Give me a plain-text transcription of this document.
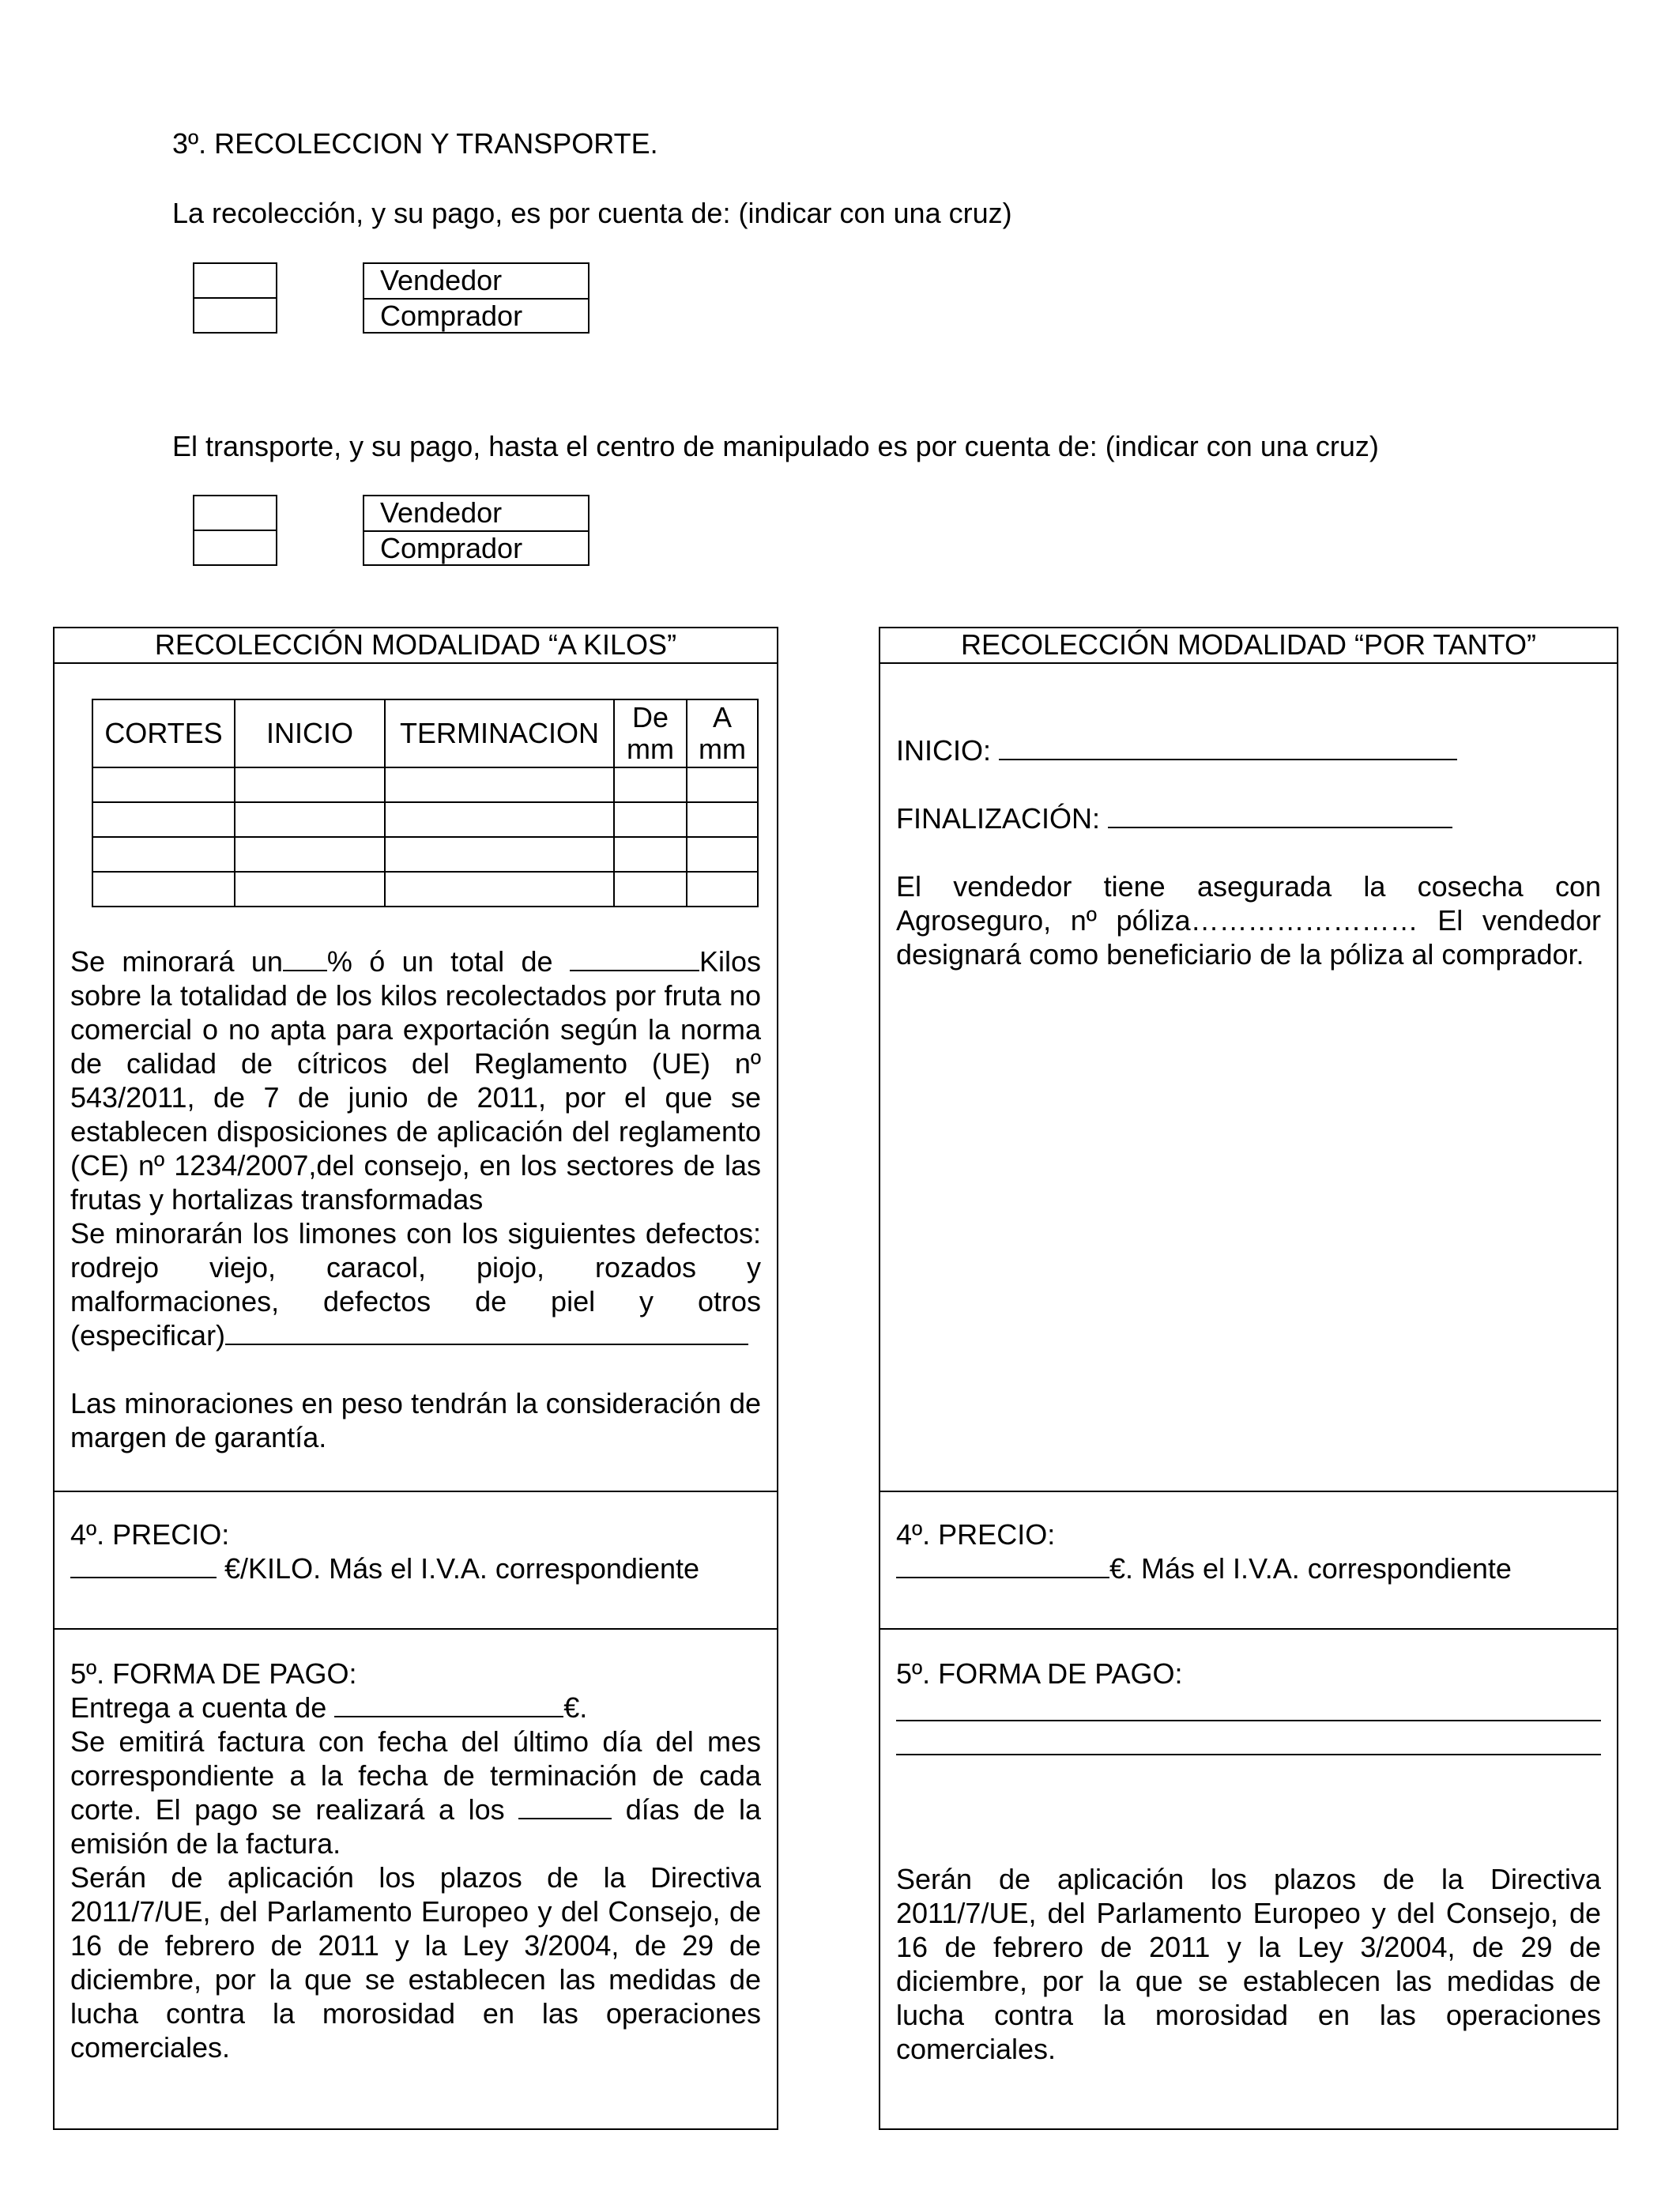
3º. RECOLECCION Y TRANSPORTE.
La recolección, y su pago, es por cuenta de: (indicar con una cruz)
Vendedor
Comprador
El transporte, y su pago, hasta el centro de manipulado es por cuenta de: (indicar con una cruz)
Vendedor
Comprador
RECOLECCIÓN MODALIDAD “A KILOS”
CORTES	INICIO	TERMINACION	De mm	A mm

Se minorará un % ó un total de	Kilos
sobre la totalidad de los kilos recolectados por fruta no comercial o no apta para exportación según la norma de calidad de cítricos del Reglamento (UE) nº 543/2011, de 7 de junio de 2011, por el que se establecen disposiciones de aplicación del reglamento (CE) nº 1234/2007,del consejo, en los sectores de las frutas y hortalizas transformadas
Se minorarán los limones con los siguientes defectos: rodrejo viejo, caracol, piojo, rozados y malformaciones, defectos de piel y otros
(especificar)
Las minoraciones en peso tendrán la consideración de margen de garantía.
4º. PRECIO:
€/KILO. Más el I.V.A. correspondiente
5º. FORMA DE PAGO:
Entrega a cuenta de	€.
Se emitirá factura con fecha del último día del mes correspondiente a la fecha de terminación de cada corte. El pago se realizará a los	días de la emisión de la factura.
Serán de aplicación los plazos de la Directiva 2011/7/UE, del Parlamento Europeo y del Consejo, de 16 de febrero de 2011 y la Ley 3/2004, de 29 de diciembre, por la que se establecen las medidas de lucha contra la morosidad en las operaciones comerciales.
RECOLECCIÓN MODALIDAD “POR TANTO”
INICIO:
FINALIZACIÓN:
El vendedor tiene asegurada la cosecha con Agroseguro, nº póliza…………………… El vendedor designará como beneficiario de la póliza al comprador.
4º. PRECIO:
€. Más el I.V.A. correspondiente
5º. FORMA DE PAGO:
Serán de aplicación los plazos de la Directiva 2011/7/UE, del Parlamento Europeo y del Consejo, de 16 de febrero de 2011 y la Ley 3/2004, de 29 de diciembre, por la que se establecen las medidas de lucha contra la morosidad en las operaciones comerciales.
